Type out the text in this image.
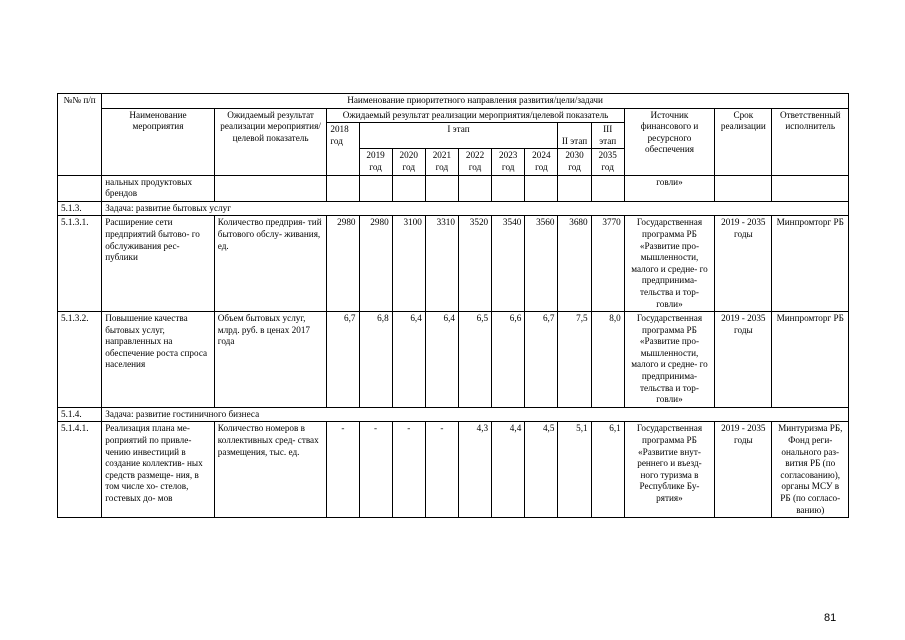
№№ п/п	Наименование приоритетного направления развития/цели/задачи													
	Наименование мероприятия	Ожидаемый результат реализации мероприятия/целевой показатель	Ожидаемый результат реализации мероприятия/целевой показатель									Источник финансового и ресурсного обеспечения	Срок реализации	Ответственный исполнитель
			2018 год	I этап						II этап	III этап			
				2019 год	2020 год	2021 год	2022 год	2023 год	2024 год	2030 год	2035 год			
	нальных продуктовых брендов											говли»		
5.1.3.	Задача: развитие бытовых услуг													
5.1.3.1.	Расширение сети предприятий бытово- го обслуживания рес- публики	Количество предприя- тий бытового обслу- живания, ед.	2980	2980	3100	3310	3520	3540	3560	3680	3770	Государственная программа РБ «Развитие про- мышленности, малого и средне- го предпринима- тельства и тор- говли»	2019 - 2035 годы	Минпромторг РБ
5.1.3.2.	Повышение качества бытовых услуг, направленных на обеспечение роста спроса населения	Объем бытовых услуг, млрд. руб. в ценах 2017 года	6,7	6,8	6,4	6,4	6,5	6,6	6,7	7,5	8,0	Государственная программа РБ «Развитие про- мышленности, малого и средне- го предпринима- тельства и тор- говли»	2019 - 2035 годы	Минпромторг РБ
5.1.4.	Задача: развитие гостиничного бизнеса													
5.1.4.1.	Реализация плана ме- роприятий по привле- чению инвестиций в создание коллектив- ных средств размеще- ния, в том числе хо- стелов, гостевых до- мов	Количество номеров в коллективных сред- ствах размещения, тыс. ед.	-	-	-	-	4,3	4,4	4,5	5,1	6,1	Государственная программа РБ «Развитие внут- реннего и въезд- ного туризма в Республике Бу- рятия»	2019 - 2035 годы	Минтуризма РБ, Фонд реги- онального раз- вития РБ (по согласованию), органы МСУ в РБ (по согласо- ванию)
81
